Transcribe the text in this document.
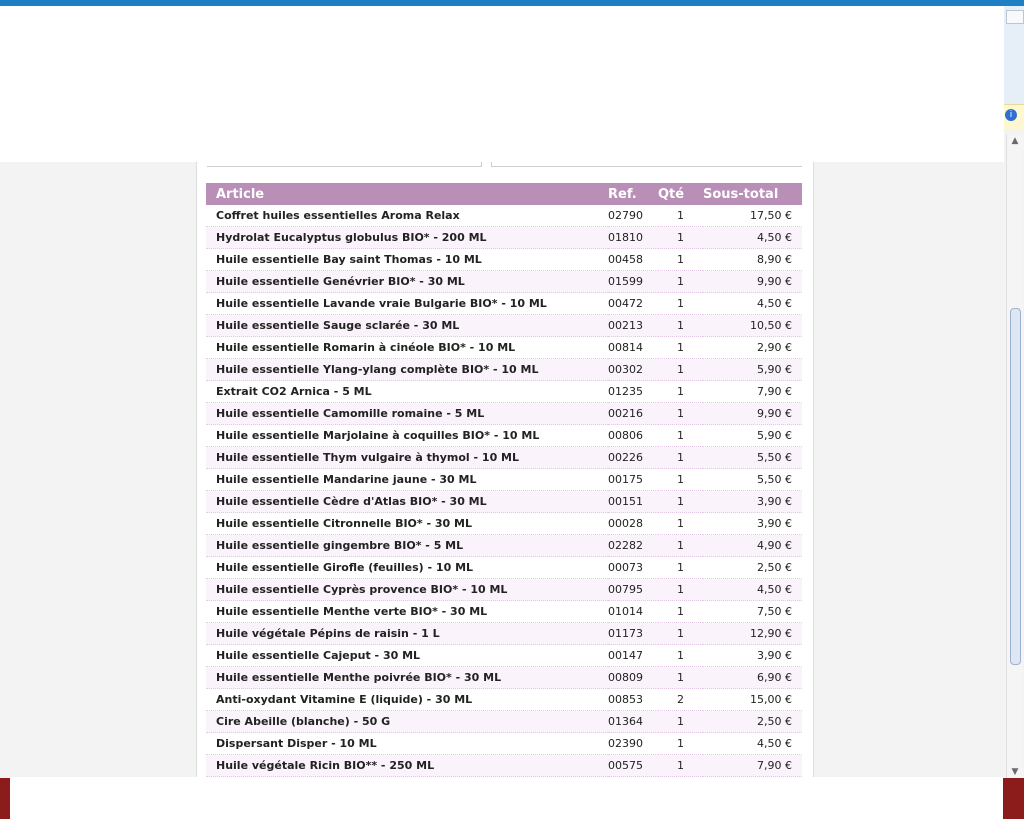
i
Article	Ref.	Qté	Sous-total
Coffret huiles essentielles Aroma Relax	02790	1	17,50 €
Hydrolat Eucalyptus globulus BIO* - 200 ML	01810	1	4,50 €
Huile essentielle Bay saint Thomas - 10 ML	00458	1	8,90 €
Huile essentielle Genévrier BIO* - 30 ML	01599	1	9,90 €
Huile essentielle Lavande vraie Bulgarie BIO* - 10 ML	00472	1	4,50 €
Huile essentielle Sauge sclarée - 30 ML	00213	1	10,50 €
Huile essentielle Romarin à cinéole BIO* - 10 ML	00814	1	2,90 €
Huile essentielle Ylang-ylang complète BIO* - 10 ML	00302	1	5,90 €
Extrait CO2 Arnica - 5 ML	01235	1	7,90 €
Huile essentielle Camomille romaine - 5 ML	00216	1	9,90 €
Huile essentielle Marjolaine à coquilles BIO* - 10 ML	00806	1	5,90 €
Huile essentielle Thym vulgaire à thymol - 10 ML	00226	1	5,50 €
Huile essentielle Mandarine jaune - 30 ML	00175	1	5,50 €
Huile essentielle Cèdre d'Atlas BIO* - 30 ML	00151	1	3,90 €
Huile essentielle Citronnelle BIO* - 30 ML	00028	1	3,90 €
Huile essentielle gingembre BIO* - 5 ML	02282	1	4,90 €
Huile essentielle Girofle (feuilles) - 10 ML	00073	1	2,50 €
Huile essentielle Cyprès provence BIO* - 10 ML	00795	1	4,50 €
Huile essentielle Menthe verte BIO* - 30 ML	01014	1	7,50 €
Huile végétale Pépins de raisin - 1 L	01173	1	12,90 €
Huile essentielle Cajeput - 30 ML	00147	1	3,90 €
Huile essentielle Menthe poivrée BIO* - 30 ML	00809	1	6,90 €
Anti-oxydant Vitamine E (liquide) - 30 ML	00853	2	15,00 €
Cire Abeille (blanche) - 50 G	01364	1	2,50 €
Dispersant Disper - 10 ML	02390	1	4,50 €
Huile végétale Ricin BIO** - 250 ML	00575	1	7,90 €
▲
▼
